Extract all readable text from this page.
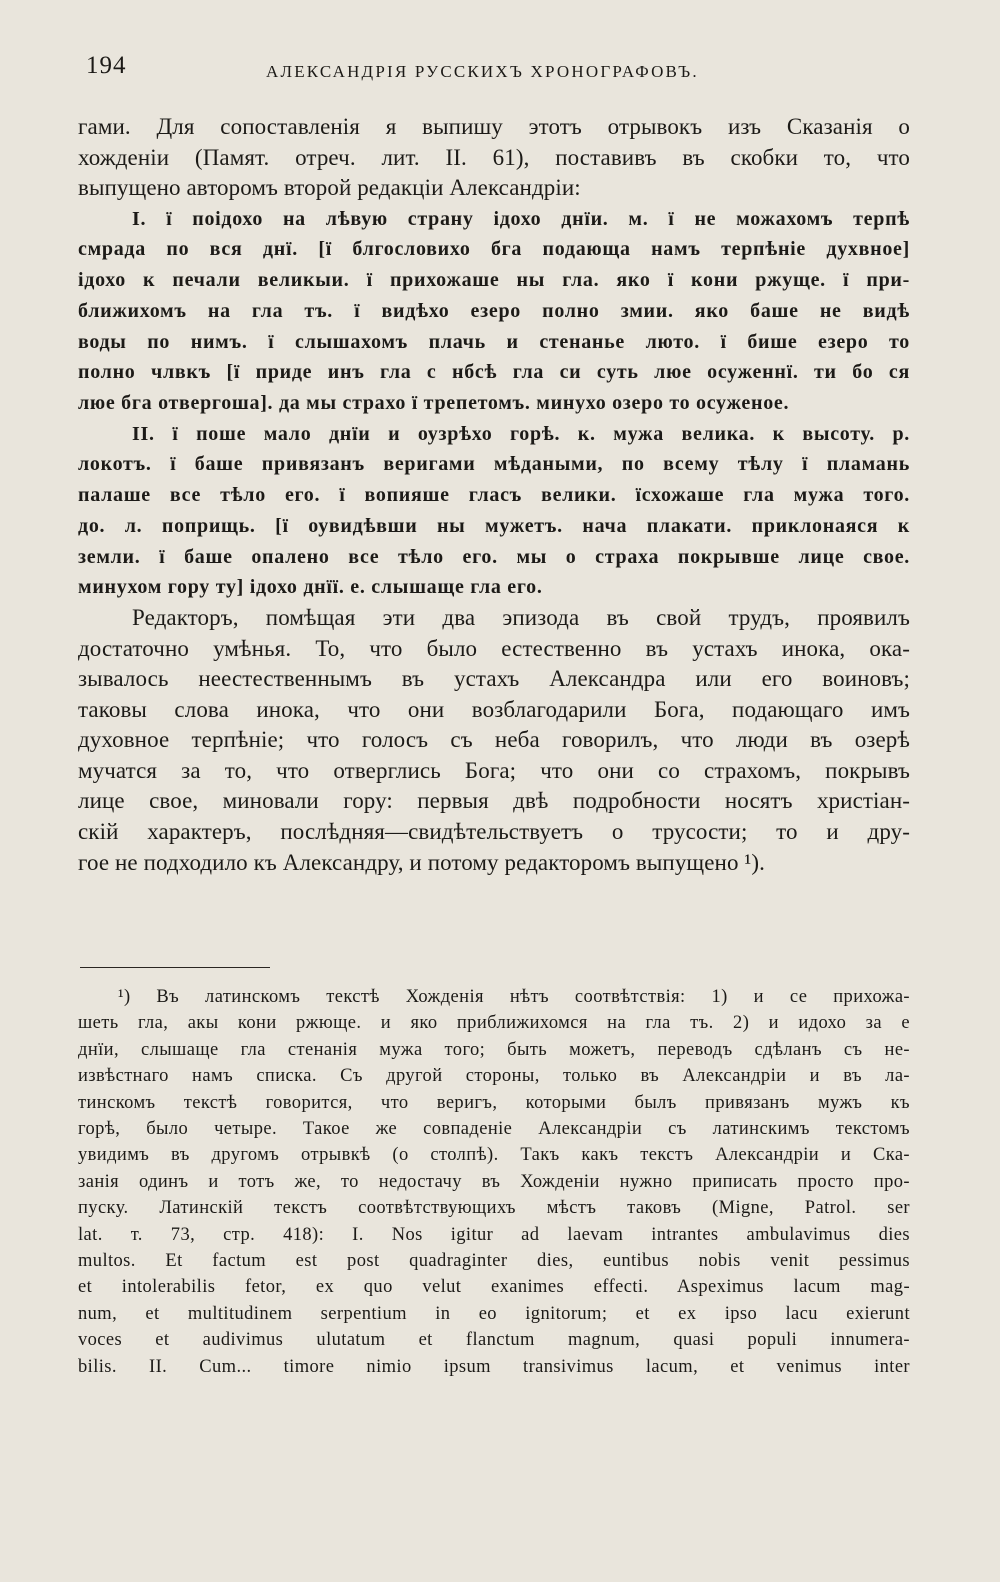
194	АЛЕКСАНДРІЯ РУССКИХЪ ХРОНОГРАФОВЪ.

гами. Для сопоставленія я выпишу этотъ отрывокъ изъ Сказанія о
хожденіи (Памят. отреч. лит. II. 61), поставивъ въ скобки то, что
выпущено авторомъ второй редакціи Александріи:

I. ї поідохо на лѣвую страну ідохо днїи. м. ї не можахомъ терпѣ
смрада по вся днї. [ї блгословихо бга подающа намъ терпѣніе духвное]
ідохо к печали великыи. ї прихожаше ны гла. яко ї кони ржуще. ї при-
ближихомъ на гла тъ. ї видѣхо езеро полно змии. яко баше не видѣ
воды по нимъ. ї слышахомъ плачь и стенанье люто. ї бише езеро то
полно члвкъ [ї приде инъ гла с нбсѣ гла си суть люе осуженнї. ти бо ся
люе бга отвергоша]. да мы страхо ї трепетомъ. минухо озеро то осуженое.

II. ї поше мало днїи и оузрѣхо горѣ. к. мужа велика. к высоту. р.
локотъ. ї баше привязанъ веригами мѣдаными, по всему тѣлу ї пламань
палаше все тѣло его. ї вопияше гласъ велики. їсхожаше гла мужа того.
до. л. поприщь. [ї оувидѣвши ны мужетъ. нача плакати. приклонаяся к
земли. ї баше опалено все тѣло его. мы о страха покрывше лице свое.
минухом гору ту] ідохо днїї. е. слышаще гла его.

Редакторъ, помѣщая эти два эпизода въ свой трудъ, проявилъ
достаточно умѣнья. То, что было естественно въ устахъ инока, ока-
зывалось неестественнымъ въ устахъ Александра или его воиновъ;
таковы слова инока, что они возблагодарили Бога, подающаго имъ
духовное терпѣніе; что голосъ съ неба говорилъ, что люди въ озерѣ
мучатся за то, что отверглись Бога; что они со страхомъ, покрывъ
лице свое, миновали гору: первыя двѣ подробности носятъ христіан-
скій характеръ, послѣдняя—свидѣтельствуетъ о трусости; то и дру-
гое не подходило къ Александру, и потому редакторомъ выпущено ¹).

¹) Въ латинскомъ текстѣ Хожденія нѣтъ соотвѣтствія: 1) и се прихожа-
шеть гла, акы кони ржюще. и яко приближихомся на гла тъ. 2) и идохо за е
днїи, слышаще гла стенанія мужа того; быть можетъ, переводъ сдѣланъ съ не-
извѣстнаго намъ списка. Съ другой стороны, только въ Александріи и въ ла-
тинскомъ текстѣ говорится, что веригъ, которыми былъ привязанъ мужъ къ
горѣ, было четыре. Такое же совпаденіе Александріи съ латинскимъ текстомъ
увидимъ въ другомъ отрывкѣ (о столпѣ). Такъ какъ текстъ Александріи и Ска-
занія одинъ и тотъ же, то недостачу въ Хожденіи нужно приписать просто про-
пуску. Латинскій текстъ соотвѣтствующихъ мѣстъ таковъ (Migne, Patrol. ser
lat. т. 73, стр. 418): I. Nos igitur ad laevam intrantes ambulavimus dies
multos. Et factum est post quadraginter dies, euntibus nobis venit pessimus
et intolerabilis fetor, ex quo velut exanimes effecti. Aspeximus lacum mag-
num, et multitudinem serpentium in eo ignitorum; et ex ipso lacu exierunt
voces et audivimus ulutatum et flanctum magnum, quasi populi innumera-
bilis. II. Cum... timore nimio ipsum transivimus lacum, et venimus inter
